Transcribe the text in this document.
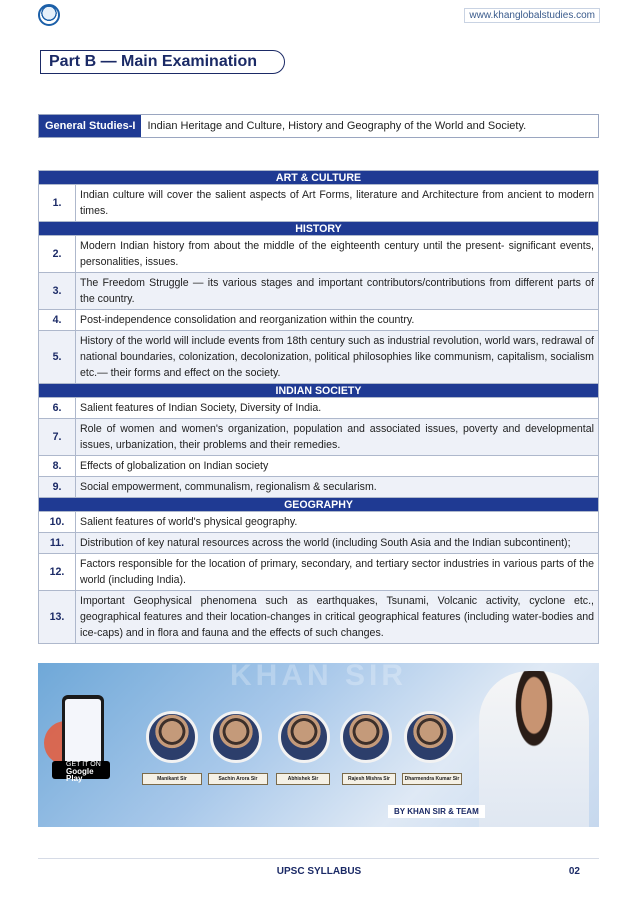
www.khanglobalstudies.com
Part B — Main Examination
General Studies-I	Indian Heritage and Culture, History and Geography of the World and Society.
ART & CULTURE	
1.	Indian culture will cover the salient aspects of Art Forms, literature and Architecture from ancient to modern times.
HISTORY	
2.	Modern Indian history from about the middle of the eighteenth century until the present- significant events, personalities, issues.
3.	The Freedom Struggle — its various stages and important contributors/contributions from different parts of the country.
4.	Post-independence consolidation and reorganization within the country.
5.	History of the world will include events from 18th century such as industrial revolution, world wars, redrawal of national boundaries, colonization, decolonization, political philosophies like communism, capitalism, socialism etc.— their forms and effect on the society.
INDIAN SOCIETY	
6.	Salient features of Indian Society, Diversity of India.
7.	Role of women and women's organization, population and associated issues, poverty and developmental issues, urbanization, their problems and their remedies.
8.	Effects of globalization on Indian society
9.	Social empowerment, communalism, regionalism & secularism.
GEOGRAPHY	
10.	Salient features of world's physical geography.
11.	Distribution of key natural resources across the world (including South Asia and the Indian subcontinent);
12.	Factors responsible for the location of primary, secondary, and tertiary sector industries in various parts of the world (including India).
13.	Important Geophysical phenomena such as earthquakes, Tsunami, Volcanic activity, cyclone etc., geographical features and their location-changes in critical geographical features (including water-bodies and ice-caps) and in flora and fauna and the effects of such changes.
KHAN SIR
GET IT ON
Google Play	Manikant Sir	Sachin Arora Sir	Abhishek Sir	Rajesh Mishra Sir	Dharmendra Kumar Sir
BY KHAN SIR & TEAM
UPSC SYLLABUS	02
